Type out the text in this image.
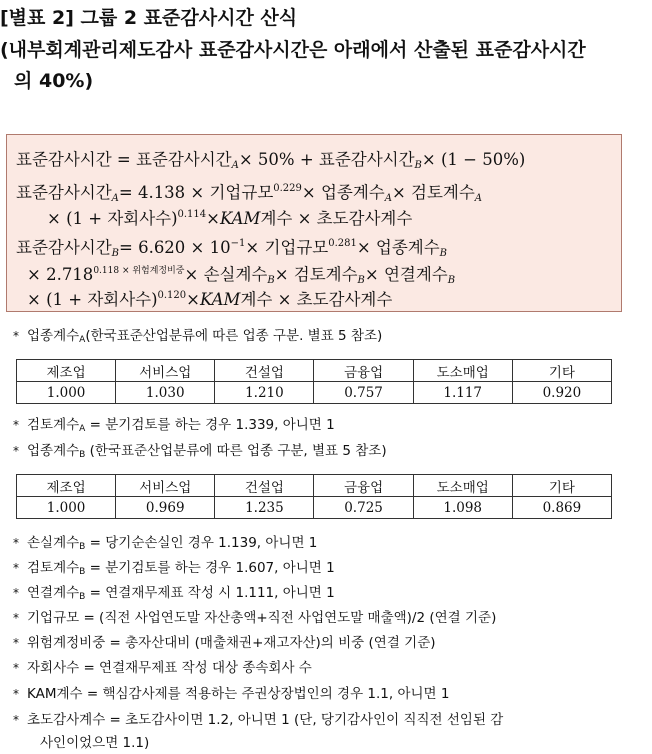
[별표 2] 그룹 2 표준감사시간 산식
(내부회계관리제도감사 표준감사시간은 아래에서 산출된 표준감사시간
의 40%)
표준감사시간 = 표준감사시간$_A$× 50% + 표준감사시간$_B$× (1 − 50%)
표준감사시간$_A$= 4.138 × 기업규모$^{0.229}$× 업종계수$_A$× 검토계수$_A$
× (1 + 자회사수)$^{0.114}$×KAM계수 × 초도감사계수
표준감사시간$_B= 6.620 \times 10^{-1}\times$ 기업규모$^{0.281}$× 업종계수$_B$
× $2.718^{0.118 \times 위험계정비중}\times$ 손실계수$_B$× 검토계수$_B$× 연결계수$_B$
× (1 + 자회사수)$^{0.120}$×KAM계수 × 초도감사계수
* 업종계수$_A$(한국표준산업분류에 따른 업종 구분. 별표 5 참조)
제조업	서비스업	건설업	금융업	도소매업	기타
1.000	1.030	1.210	0.757	1.117	0.920
* 검토계수$_A$ = 분기검토를 하는 경우 1.339, 아니면 1
* 업종계수$_B$ (한국표준산업분류에 따른 업종 구분, 별표 5 참조)
제조업	서비스업	건설업	금융업	도소매업	기타
1.000	0.969	1.235	0.725	1.098	0.869
* 손실계수$_B$ = 당기순손실인 경우 1.139, 아니면 1
* 검토계수$_B$ = 분기검토를 하는 경우 1.607, 아니면 1
* 연결계수$_B$ = 연결재무제표 작성 시 1.111, 아니면 1
* 기업규모 = (직전 사업연도말 자산총액+직전 사업연도말 매출액)/2 (연결 기준)
* 위험계정비중 = 총자산대비 (매출채권+재고자산)의 비중 (연결 기준)
* 자회사수 = 연결재무제표 작성 대상 종속회사 수
* KAM계수 = 핵심감사제를 적용하는 주권상장법인의 경우 1.1, 아니면 1
* 초도감사계수 = 초도감사이면 1.2, 아니면 1 (단, 당기감사인이 직직전 선임된 감
사인이었으면 1.1)
